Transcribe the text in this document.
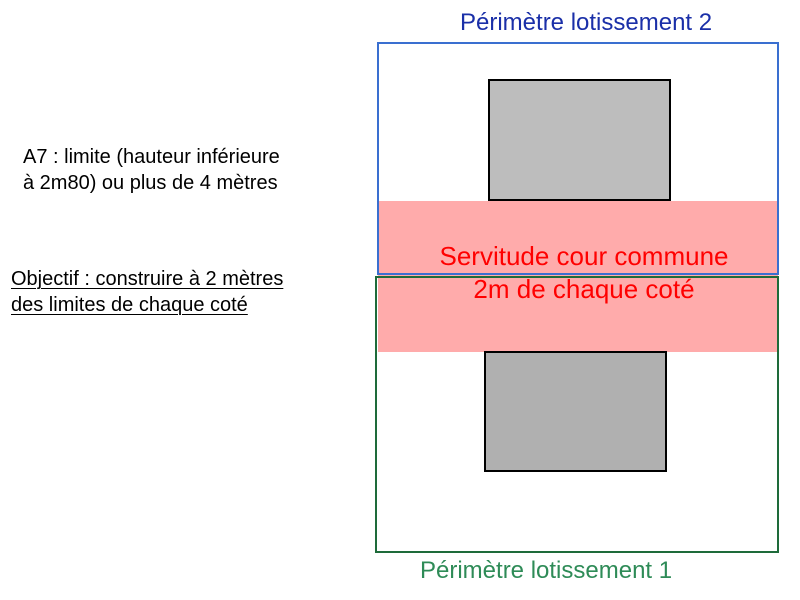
Périmètre lotissement 2
Périmètre lotissement 1
A7 : limite (hauteur inférieure
à 2m80) ou plus de 4 mètres
Objectif : construire à 2 mètres
des limites de chaque coté
Servitude cour commune
2m de chaque coté
